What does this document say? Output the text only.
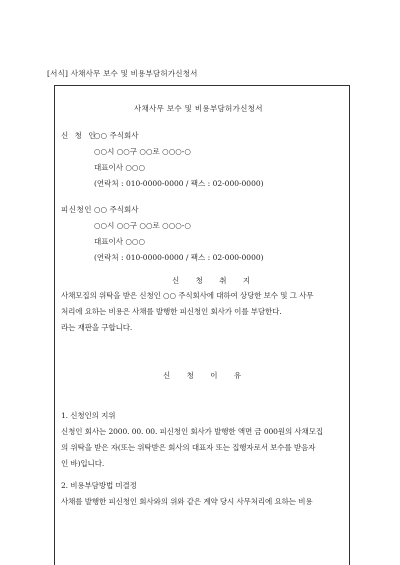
[서식] 사채사무 보수 및 비용부담허가신청서
사채사무 보수 및 비용부담허가신청서
신 청 인
○○ 주식회사
○○시 ○○구 ○○로 ○○○-○
대표이사 ○○○
(연락처 : 010-0000-0000 / 팩스 : 02-000-0000)
피신청인 ○○ 주식회사
○○시 ○○구 ○○로 ○○○-○
대표이사 ○○○
(연락처 : 010-0000-0000 / 팩스 : 02-000-0000)
신 청 취 지
사채모집의 위탁을 받은 신청인 ○○ 주식회사에 대하여 상당한 보수 및 그 사무
처리에 요하는 비용은 사채를 발행한 피신청인 회사가 이를 부담한다.
라는 재판을 구합니다.
신 청 이 유
1. 신청인의 지위
신청인 회사는 2000. 00. 00. 피신청인 회사가 발행한 액면 금 000원의 사채모집
의 위탁을 받은 자(또는 위탁받은 회사의 대표자 또는 집행자로서 보수를 받음자
인 바)입니다.
2. 비용부담방법 미결정
사채를 발행한 피신청인 회사와의 위와 같은 계약 당시 사무처리에 요하는 비용
